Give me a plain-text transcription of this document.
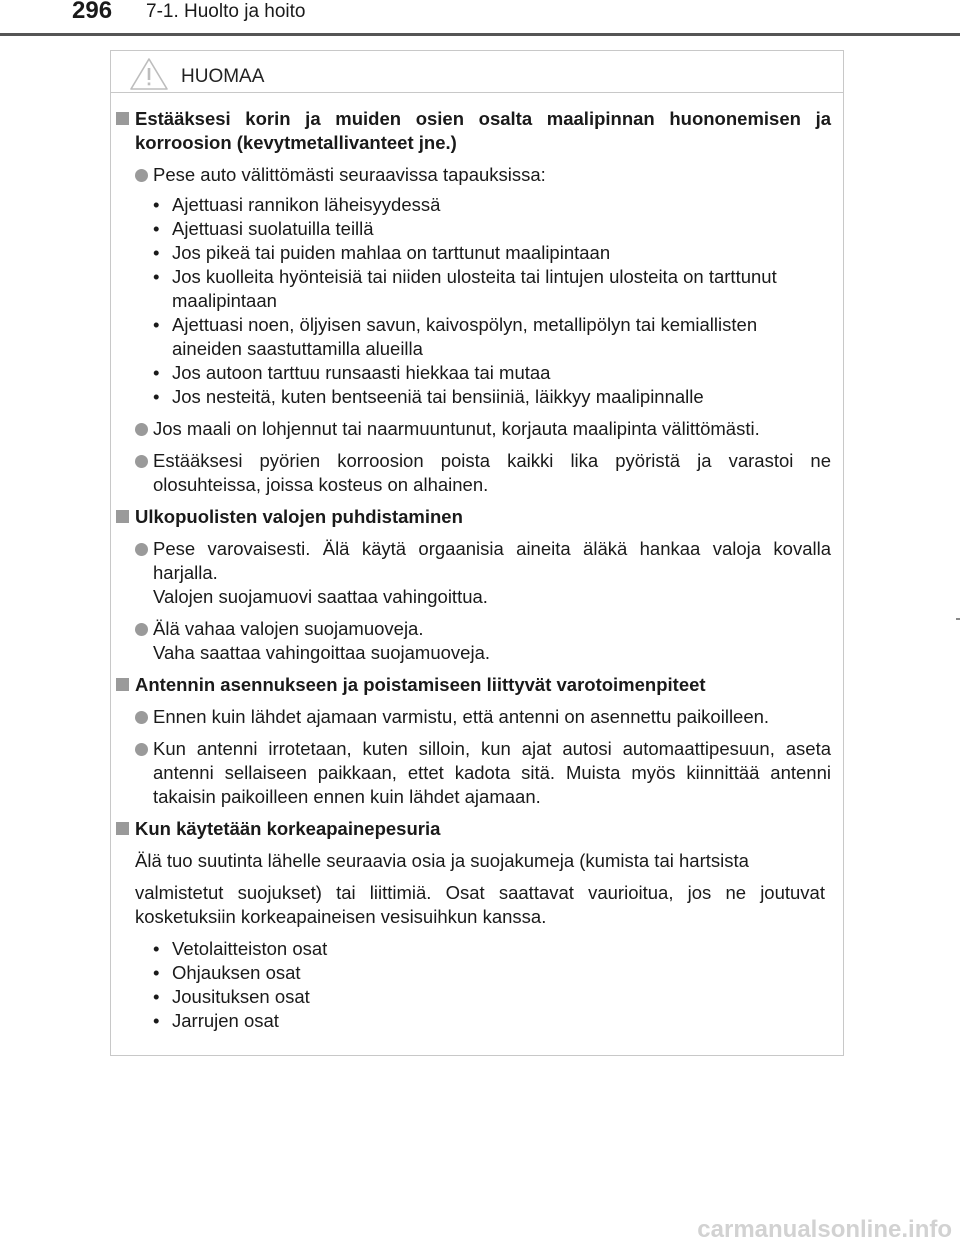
296 7-1. Huolto ja hoito
HUOMAA
Estääksesi korin ja muiden osien osalta maalipinnan huononemisen ja korroosion (kevytmetallivanteet jne.)
Pese auto välittömästi seuraavissa tapauksissa:
• Ajettuasi rannikon läheisyydessä
• Ajettuasi suolatuilla teillä
• Jos pikeä tai puiden mahlaa on tarttunut maalipintaan
• Jos kuolleita hyönteisiä tai niiden ulosteita tai lintujen ulosteita on tarttunut maalipintaan
• Ajettuasi noen, öljyisen savun, kaivospölyn, metallipölyn tai kemiallisten aineiden saastuttamilla alueilla
• Jos autoon tarttuu runsaasti hiekkaa tai mutaa
• Jos nesteitä, kuten bentseeniä tai bensiiniä, läikkyy maalipinnalle
Jos maali on lohjennut tai naarmuuntunut, korjauta maalipinta välittömästi.
Estääksesi pyörien korroosion poista kaikki lika pyöristä ja varastoi ne olosuhteissa, joissa kosteus on alhainen.
Ulkopuolisten valojen puhdistaminen
Pese varovaisesti. Älä käytä orgaanisia aineita äläkä hankaa valoja kovalla harjalla.
Valojen suojamuovi saattaa vahingoittua.
Älä vahaa valojen suojamuoveja.
Vaha saattaa vahingoittaa suojamuoveja.
Antennin asennukseen ja poistamiseen liittyvät varotoimenpiteet
Ennen kuin lähdet ajamaan varmistu, että antenni on asennettu paikoilleen.
Kun antenni irrotetaan, kuten silloin, kun ajat autosi automaattipesuun, aseta antenni sellaiseen paikkaan, ettet kadota sitä. Muista myös kiinnittää antenni takaisin paikoilleen ennen kuin lähdet ajamaan.
Kun käytetään korkeapainepesuria
Älä tuo suutinta lähelle seuraavia osia ja suojakumeja (kumista tai hartsista
valmistetut suojukset) tai liittimiä. Osat saattavat vaurioitua, jos ne joutuvat kosketuksiin korkeapaineisen vesisuihkun kanssa.
• Vetolaitteiston osat
• Ohjauksen osat
• Jousituksen osat
• Jarrujen osat
carmanualsonline.info
